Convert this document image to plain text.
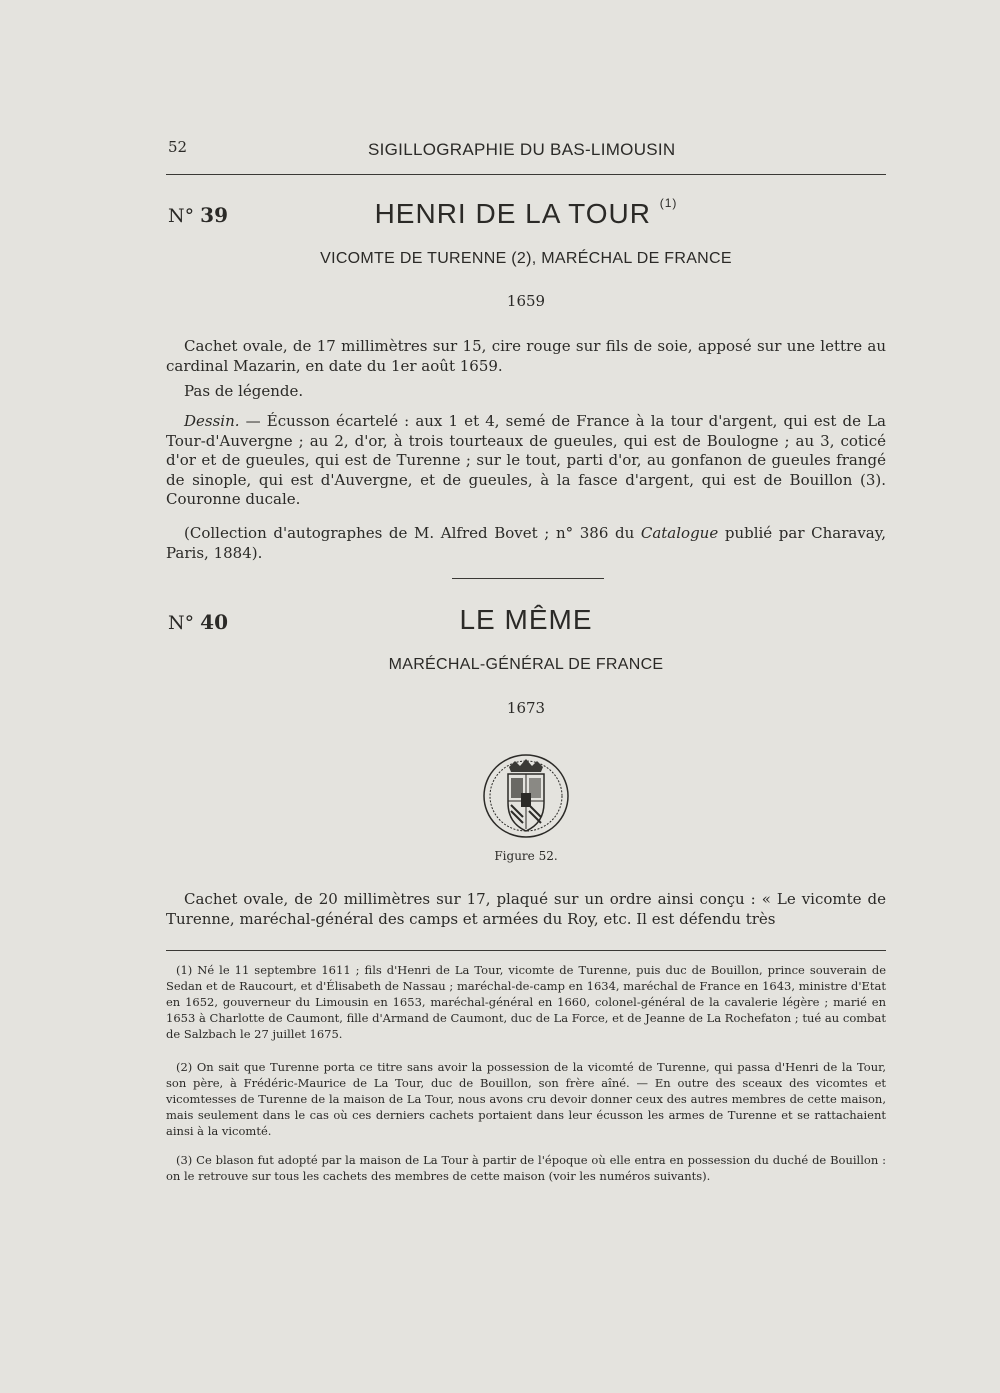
52	SIGILLOGRAPHIE DU BAS-LIMOUSIN
N° 39	HENRI DE LA TOUR $^{(1)}$
VICOMTE DE TURENNE (2), MARÉCHAL DE FRANCE
1659
Cachet ovale, de 17 millimètres sur 15, cire rouge sur fils de soie, apposé sur une lettre au cardinal Mazarin, en date du 1er août 1659.
Pas de légende.
Dessin. — Écusson écartelé : aux 1 et 4, semé de France à la tour d'argent, qui est de La Tour-d'Auvergne ; au 2, d'or, à trois tourteaux de gueules, qui est de Boulogne ; au 3, coticé d'or et de gueules, qui est de Turenne ; sur le tout, parti d'or, au gonfanon de gueules frangé de sinople, qui est d'Auvergne, et de gueules, à la fasce d'argent, qui est de Bouillon (3). Couronne ducale.
(Collection d'autographes de M. Alfred Bovet ; n° 386 du Catalogue publié par Charavay, Paris, 1884).
N° 40	LE MÊME
MARÉCHAL-GÉNÉRAL DE FRANCE
1673
Figure 52.
Cachet ovale, de 20 millimètres sur 17, plaqué sur un ordre ainsi conçu : « Le vicomte de Turenne, maréchal-général des camps et armées du Roy, etc. Il est défendu très
(1) Né le 11 septembre 1611 ; fils d'Henri de La Tour, vicomte de Turenne, puis duc de Bouillon, prince souverain de Sedan et de Raucourt, et d'Élisabeth de Nassau ; maréchal-de-camp en 1634, maréchal de France en 1643, ministre d'Etat en 1652, gouverneur du Limousin en 1653, maréchal-général en 1660, colonel-général de la cavalerie légère ; marié en 1653 à Charlotte de Caumont, fille d'Armand de Caumont, duc de La Force, et de Jeanne de La Rochefaton ; tué au combat de Salzbach le 27 juillet 1675.
(2) On sait que Turenne porta ce titre sans avoir la possession de la vicomté de Turenne, qui passa d'Henri de la Tour, son père, à Frédéric-Maurice de La Tour, duc de Bouillon, son frère aîné. — En outre des sceaux des vicomtes et vicomtesses de Turenne de la maison de La Tour, nous avons cru devoir donner ceux des autres membres de cette maison, mais seulement dans le cas où ces derniers cachets portaient dans leur écusson les armes de Turenne et se rattachaient ainsi à la vicomté.
(3) Ce blason fut adopté par la maison de La Tour à partir de l'époque où elle entra en possession du duché de Bouillon : on le retrouve sur tous les cachets des membres de cette maison (voir les numéros suivants).
